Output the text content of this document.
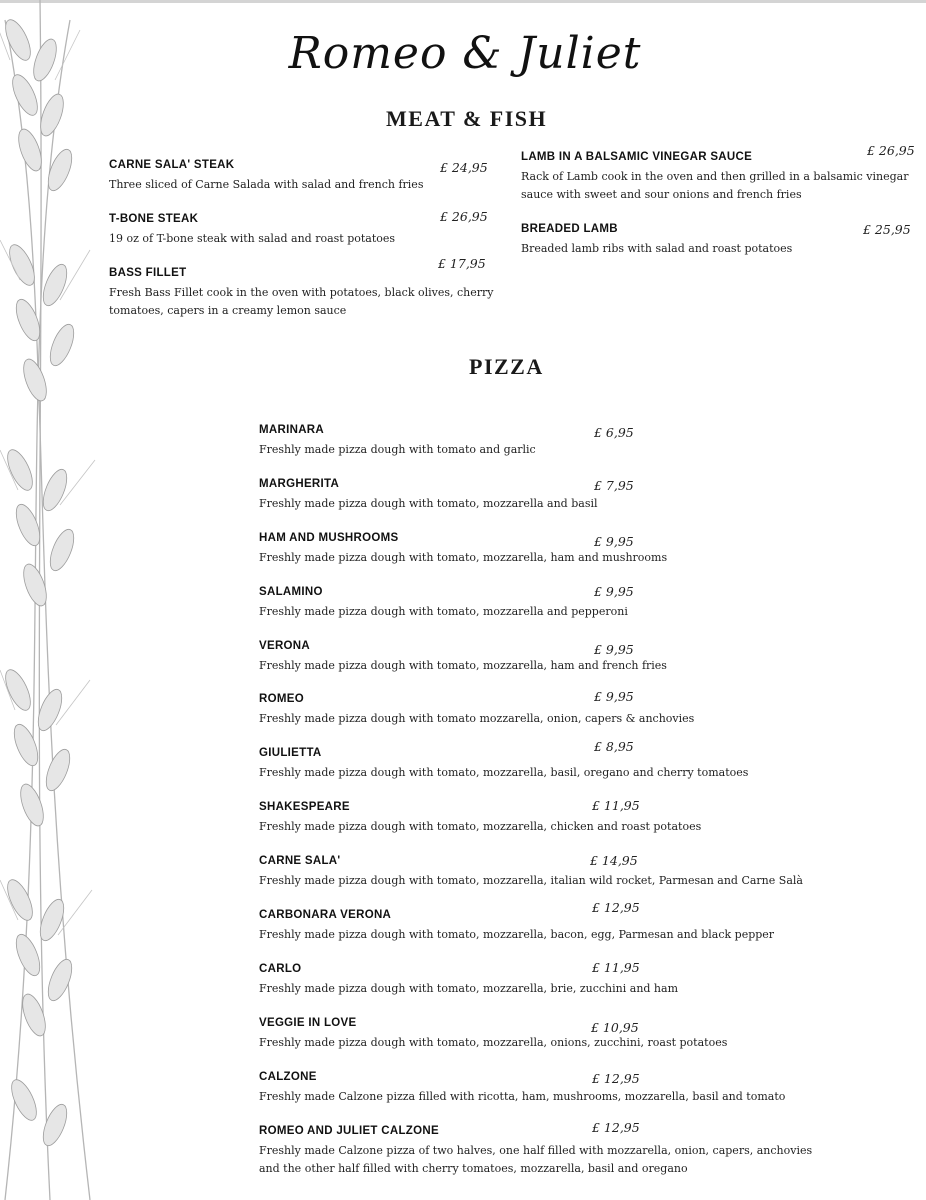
Romeo & Juliet
MEAT & FISH
CARNE SALA' STEAK
Three sliced of Carne Salada with salad and french fries
£ 24,95
T-BONE STEAK
19 oz of T-bone steak with salad and roast potatoes
£ 26,95
BASS FILLET
Fresh Bass Fillet cook in the oven with potatoes, black olives, cherry tomatoes, capers in a creamy lemon sauce
£ 17,95
LAMB IN A BALSAMIC VINEGAR SAUCE
Rack of Lamb cook in the oven and then grilled in a balsamic vinegar sauce with sweet and sour onions and french fries
£ 26,95
BREADED LAMB
Breaded lamb ribs with salad and roast potatoes
£ 25,95
PIZZA
MARINARA
Freshly made pizza dough with tomato and garlic
£ 6,95
MARGHERITA
Freshly made pizza dough with tomato, mozzarella and basil
£ 7,95
HAM AND MUSHROOMS
Freshly made pizza dough with tomato, mozzarella, ham and mushrooms
£ 9,95
SALAMINO
Freshly made pizza dough with tomato, mozzarella and pepperoni
£ 9,95
VERONA
Freshly made pizza dough with tomato, mozzarella, ham and french fries
£ 9,95
ROMEO
Freshly made pizza dough with tomato mozzarella, onion, capers & anchovies
£ 9,95
GIULIETTA
Freshly made pizza dough with tomato, mozzarella, basil, oregano and cherry tomatoes
£ 8,95
SHAKESPEARE
Freshly made pizza dough with tomato, mozzarella, chicken and roast potatoes
£ 11,95
CARNE SALA'
Freshly made pizza dough with tomato, mozzarella, italian wild rocket, Parmesan and Carne Salà
£ 14,95
CARBONARA VERONA
Freshly made pizza dough with tomato, mozzarella, bacon, egg, Parmesan and black pepper
£ 12,95
CARLO
Freshly made pizza dough with tomato, mozzarella, brie, zucchini and ham
£ 11,95
VEGGIE IN LOVE
Freshly made pizza dough with tomato, mozzarella, onions, zucchini, roast potatoes
£ 10,95
CALZONE
Freshly made Calzone pizza filled with ricotta, ham, mushrooms, mozzarella, basil and tomato
£ 12,95
ROMEO AND JULIET CALZONE
Freshly made Calzone pizza of two halves, one half filled with mozzarella, onion, capers, anchovies and the other half filled with cherry tomatoes, mozzarella, basil and oregano
£ 12,95
